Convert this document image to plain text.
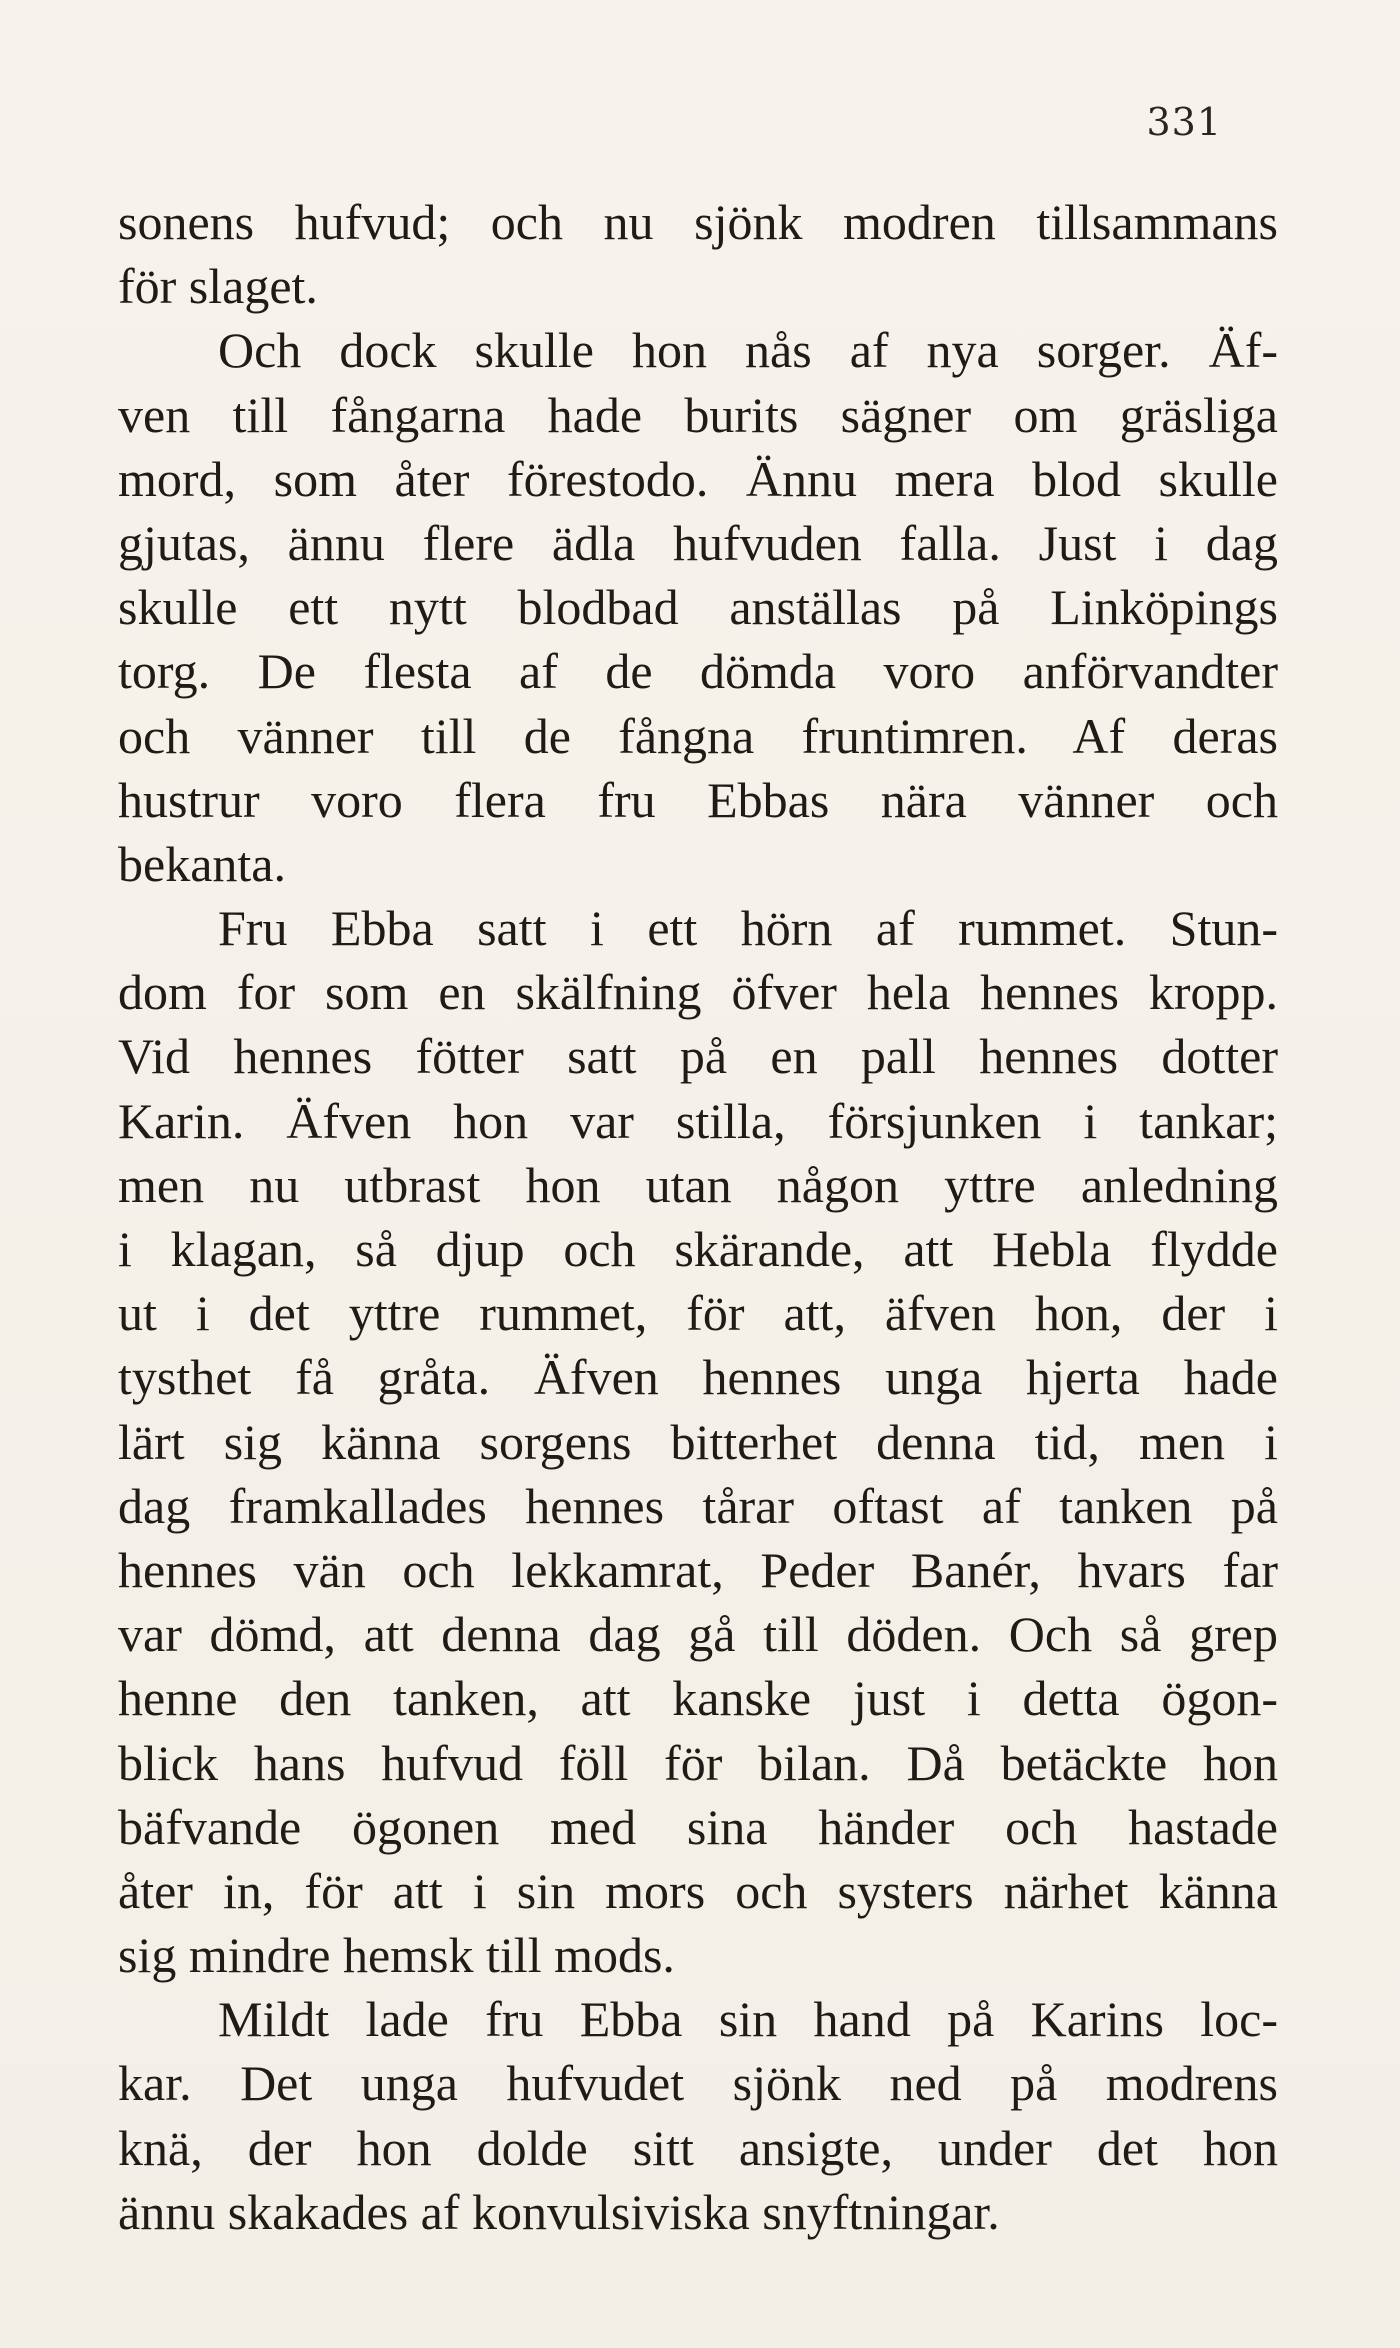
331
sonens hufvud; och nu sjönk modren tillsammans
för slaget.
Och dock skulle hon nås af nya sorger. Äf-
ven till fångarna hade burits sägner om gräsliga
mord, som åter förestodo. Ännu mera blod skulle
gjutas, ännu flere ädla hufvuden falla. Just i dag
skulle ett nytt blodbad anställas på Linköpings
torg. De flesta af de dömda voro anförvandter
och vänner till de fångna fruntimren. Af deras
hustrur voro flera fru Ebbas nära vänner och
bekanta.
Fru Ebba satt i ett hörn af rummet. Stun-
dom for som en skälfning öfver hela hennes kropp.
Vid hennes fötter satt på en pall hennes dotter
Karin. Äfven hon var stilla, försjunken i tankar;
men nu utbrast hon utan någon yttre anledning
i klagan, så djup och skärande, att Hebla flydde
ut i det yttre rummet, för att, äfven hon, der i
tysthet få gråta. Äfven hennes unga hjerta hade
lärt sig känna sorgens bitterhet denna tid, men i
dag framkallades hennes tårar oftast af tanken på
hennes vän och lekkamrat, Peder Banér, hvars far
var dömd, att denna dag gå till döden. Och så grep
henne den tanken, att kanske just i detta ögon-
blick hans hufvud föll för bilan. Då betäckte hon
bäfvande ögonen med sina händer och hastade
åter in, för att i sin mors och systers närhet känna
sig mindre hemsk till mods.
Mildt lade fru Ebba sin hand på Karins loc-
kar. Det unga hufvudet sjönk ned på modrens
knä, der hon dolde sitt ansigte, under det hon
ännu skakades af konvulsiviska snyftningar.
